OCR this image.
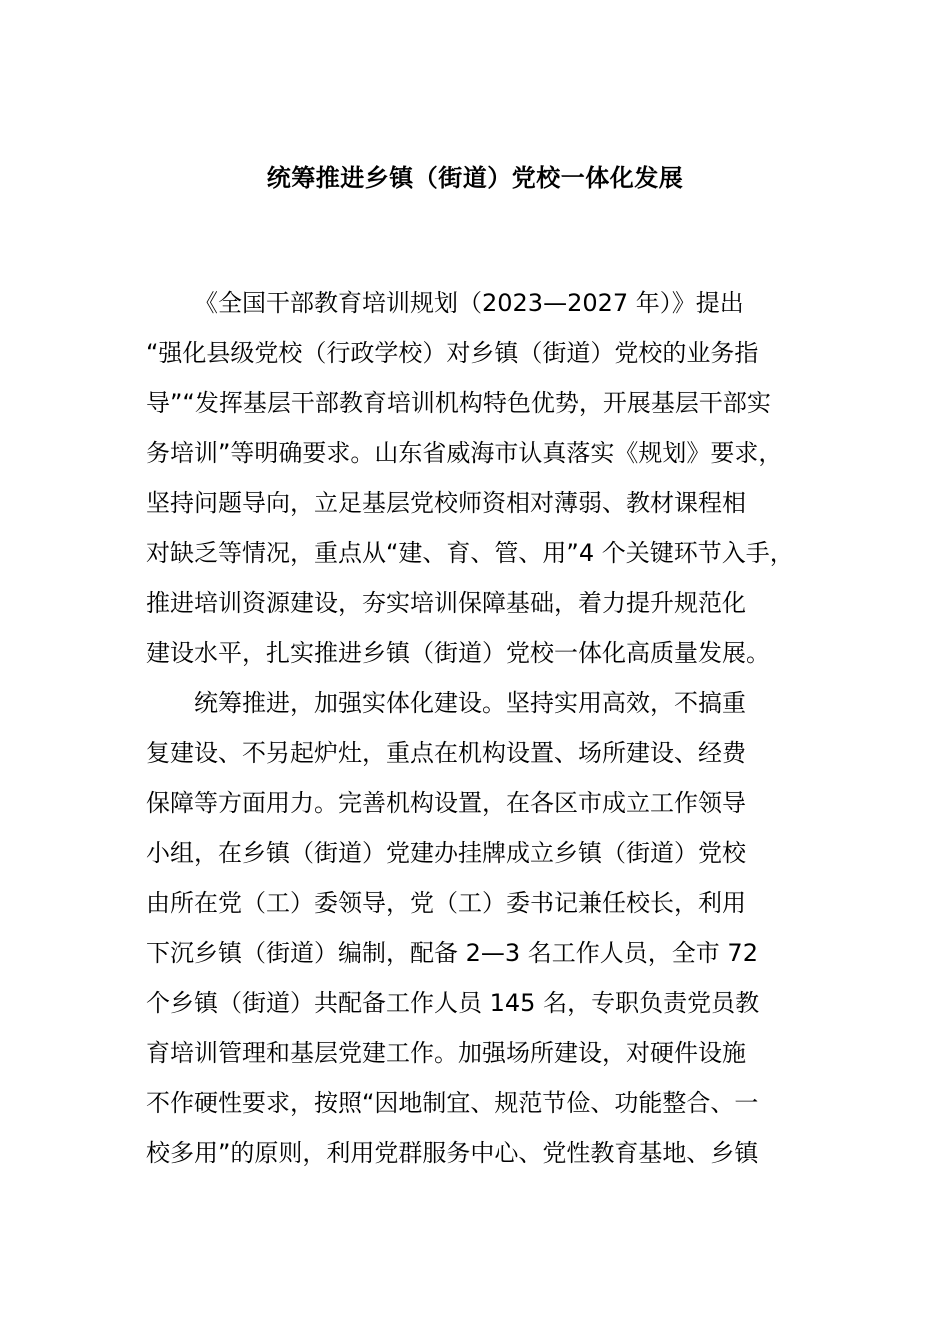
统筹推进乡镇（街道）党校一体化发展

《全国干部教育培训规划（2023—2027 年）》提出
“强化县级党校（行政学校）对乡镇（街道）党校的业务指
导”“发挥基层干部教育培训机构特色优势，开展基层干部实
务培训”等明确要求。山东省威海市认真落实《规划》要求，
坚持问题导向，立足基层党校师资相对薄弱、教材课程相
对缺乏等情况，重点从“建、育、管、用”4 个关键环节入手，
推进培训资源建设，夯实培训保障基础，着力提升规范化
建设水平，扎实推进乡镇（街道）党校一体化高质量发展。

统筹推进，加强实体化建设。坚持实用高效，不搞重
复建设、不另起炉灶，重点在机构设置、场所建设、经费
保障等方面用力。完善机构设置，在各区市成立工作领导
小组，在乡镇（街道）党建办挂牌成立乡镇（街道）党校
由所在党（工）委领导，党（工）委书记兼任校长，利用
下沉乡镇（街道）编制，配备 2—3 名工作人员，全市 72
个乡镇（街道）共配备工作人员 145 名，专职负责党员教
育培训管理和基层党建工作。加强场所建设，对硬件设施
不作硬性要求，按照“因地制宜、规范节俭、功能整合、一
校多用”的原则，利用党群服务中心、党性教育基地、乡镇
